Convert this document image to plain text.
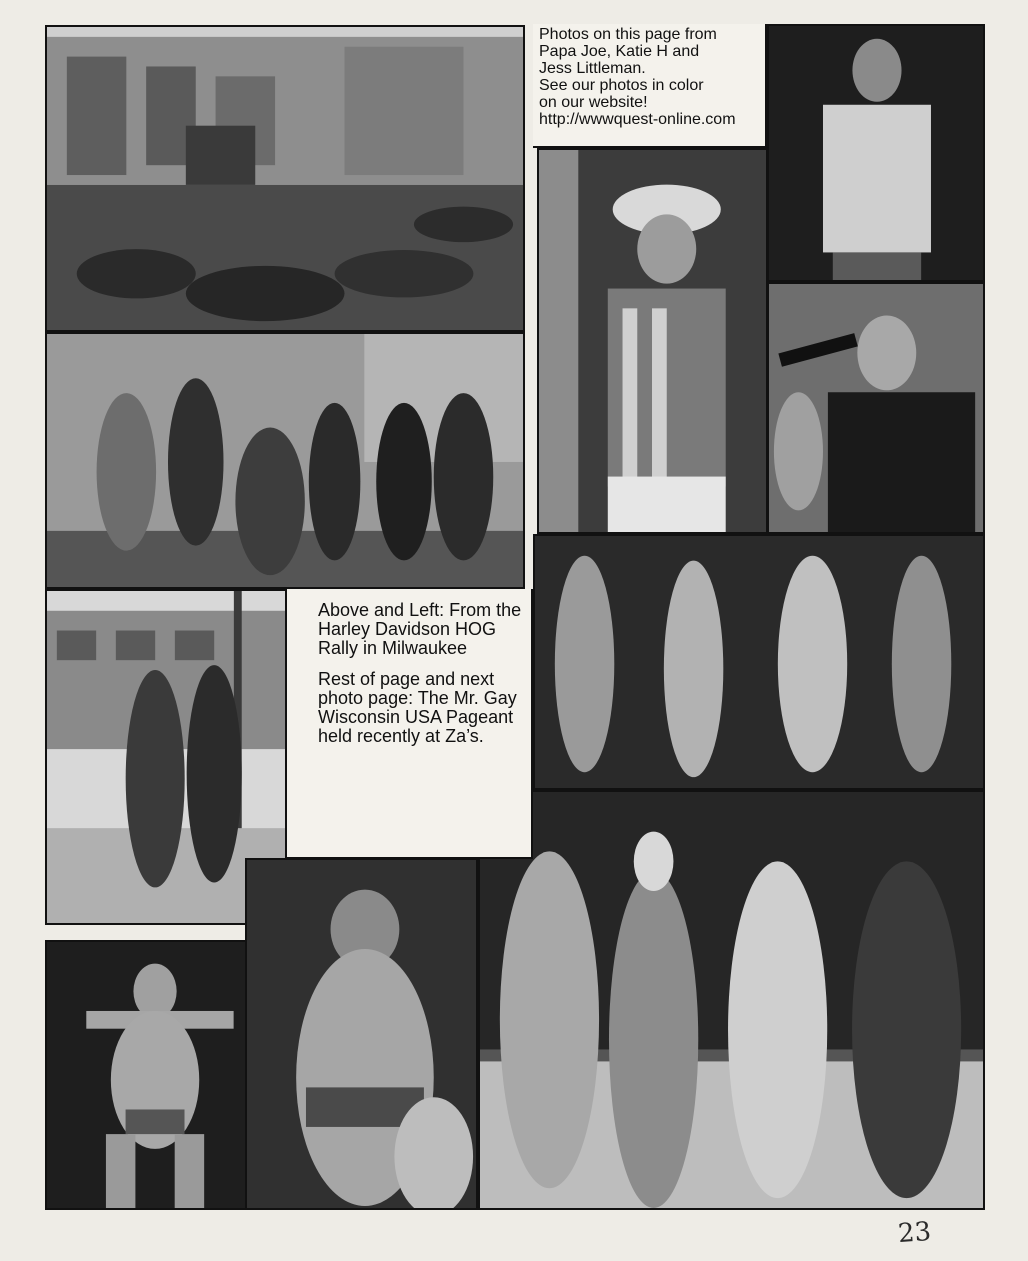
Photos on this page from
Papa Joe, Katie H and
Jess Littleman.
See our photos in color
on our website!
http://wwwquest-online.com

Above and Left: From the Harley Davidson HOG Rally in Milwaukee

Rest of page and next photo page: The Mr. Gay Wisconsin USA Pageant held recently at Za’s.

23
